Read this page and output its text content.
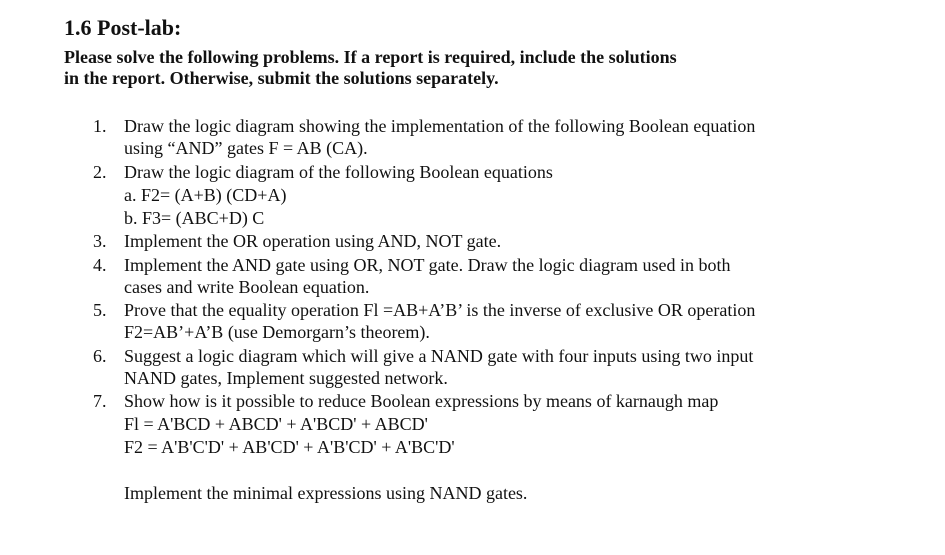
1.6 Post-lab:
Please solve the following problems. If a report is required, include the solutions
in the report. Otherwise, submit the solutions separately.
1. Draw the logic diagram showing the implementation of the following Boolean equation
using “AND” gates F = AB (CA).
2. Draw the logic diagram of the following Boolean equations
a. F2= (A+B) (CD+A)
b. F3= (ABC+D) C
3. Implement the OR operation using AND, NOT gate.
4. Implement the AND gate using OR, NOT gate. Draw the logic diagram used in both
cases and write Boolean equation.
5. Prove that the equality operation Fl =AB+A’B’ is the inverse of exclusive OR operation
F2=AB’+A’B (use Demorgarn’s theorem).
6. Suggest a logic diagram which will give a NAND gate with four inputs using two input
NAND gates, Implement suggested network.
7. Show how is it possible to reduce Boolean expressions by means of karnaugh map
Fl = A'BCD + ABCD' + A'BCD' + ABCD'
F2 = A'B'C'D' + AB'CD' + A'B'CD' + A'BC'D'
Implement the minimal expressions using NAND gates.
